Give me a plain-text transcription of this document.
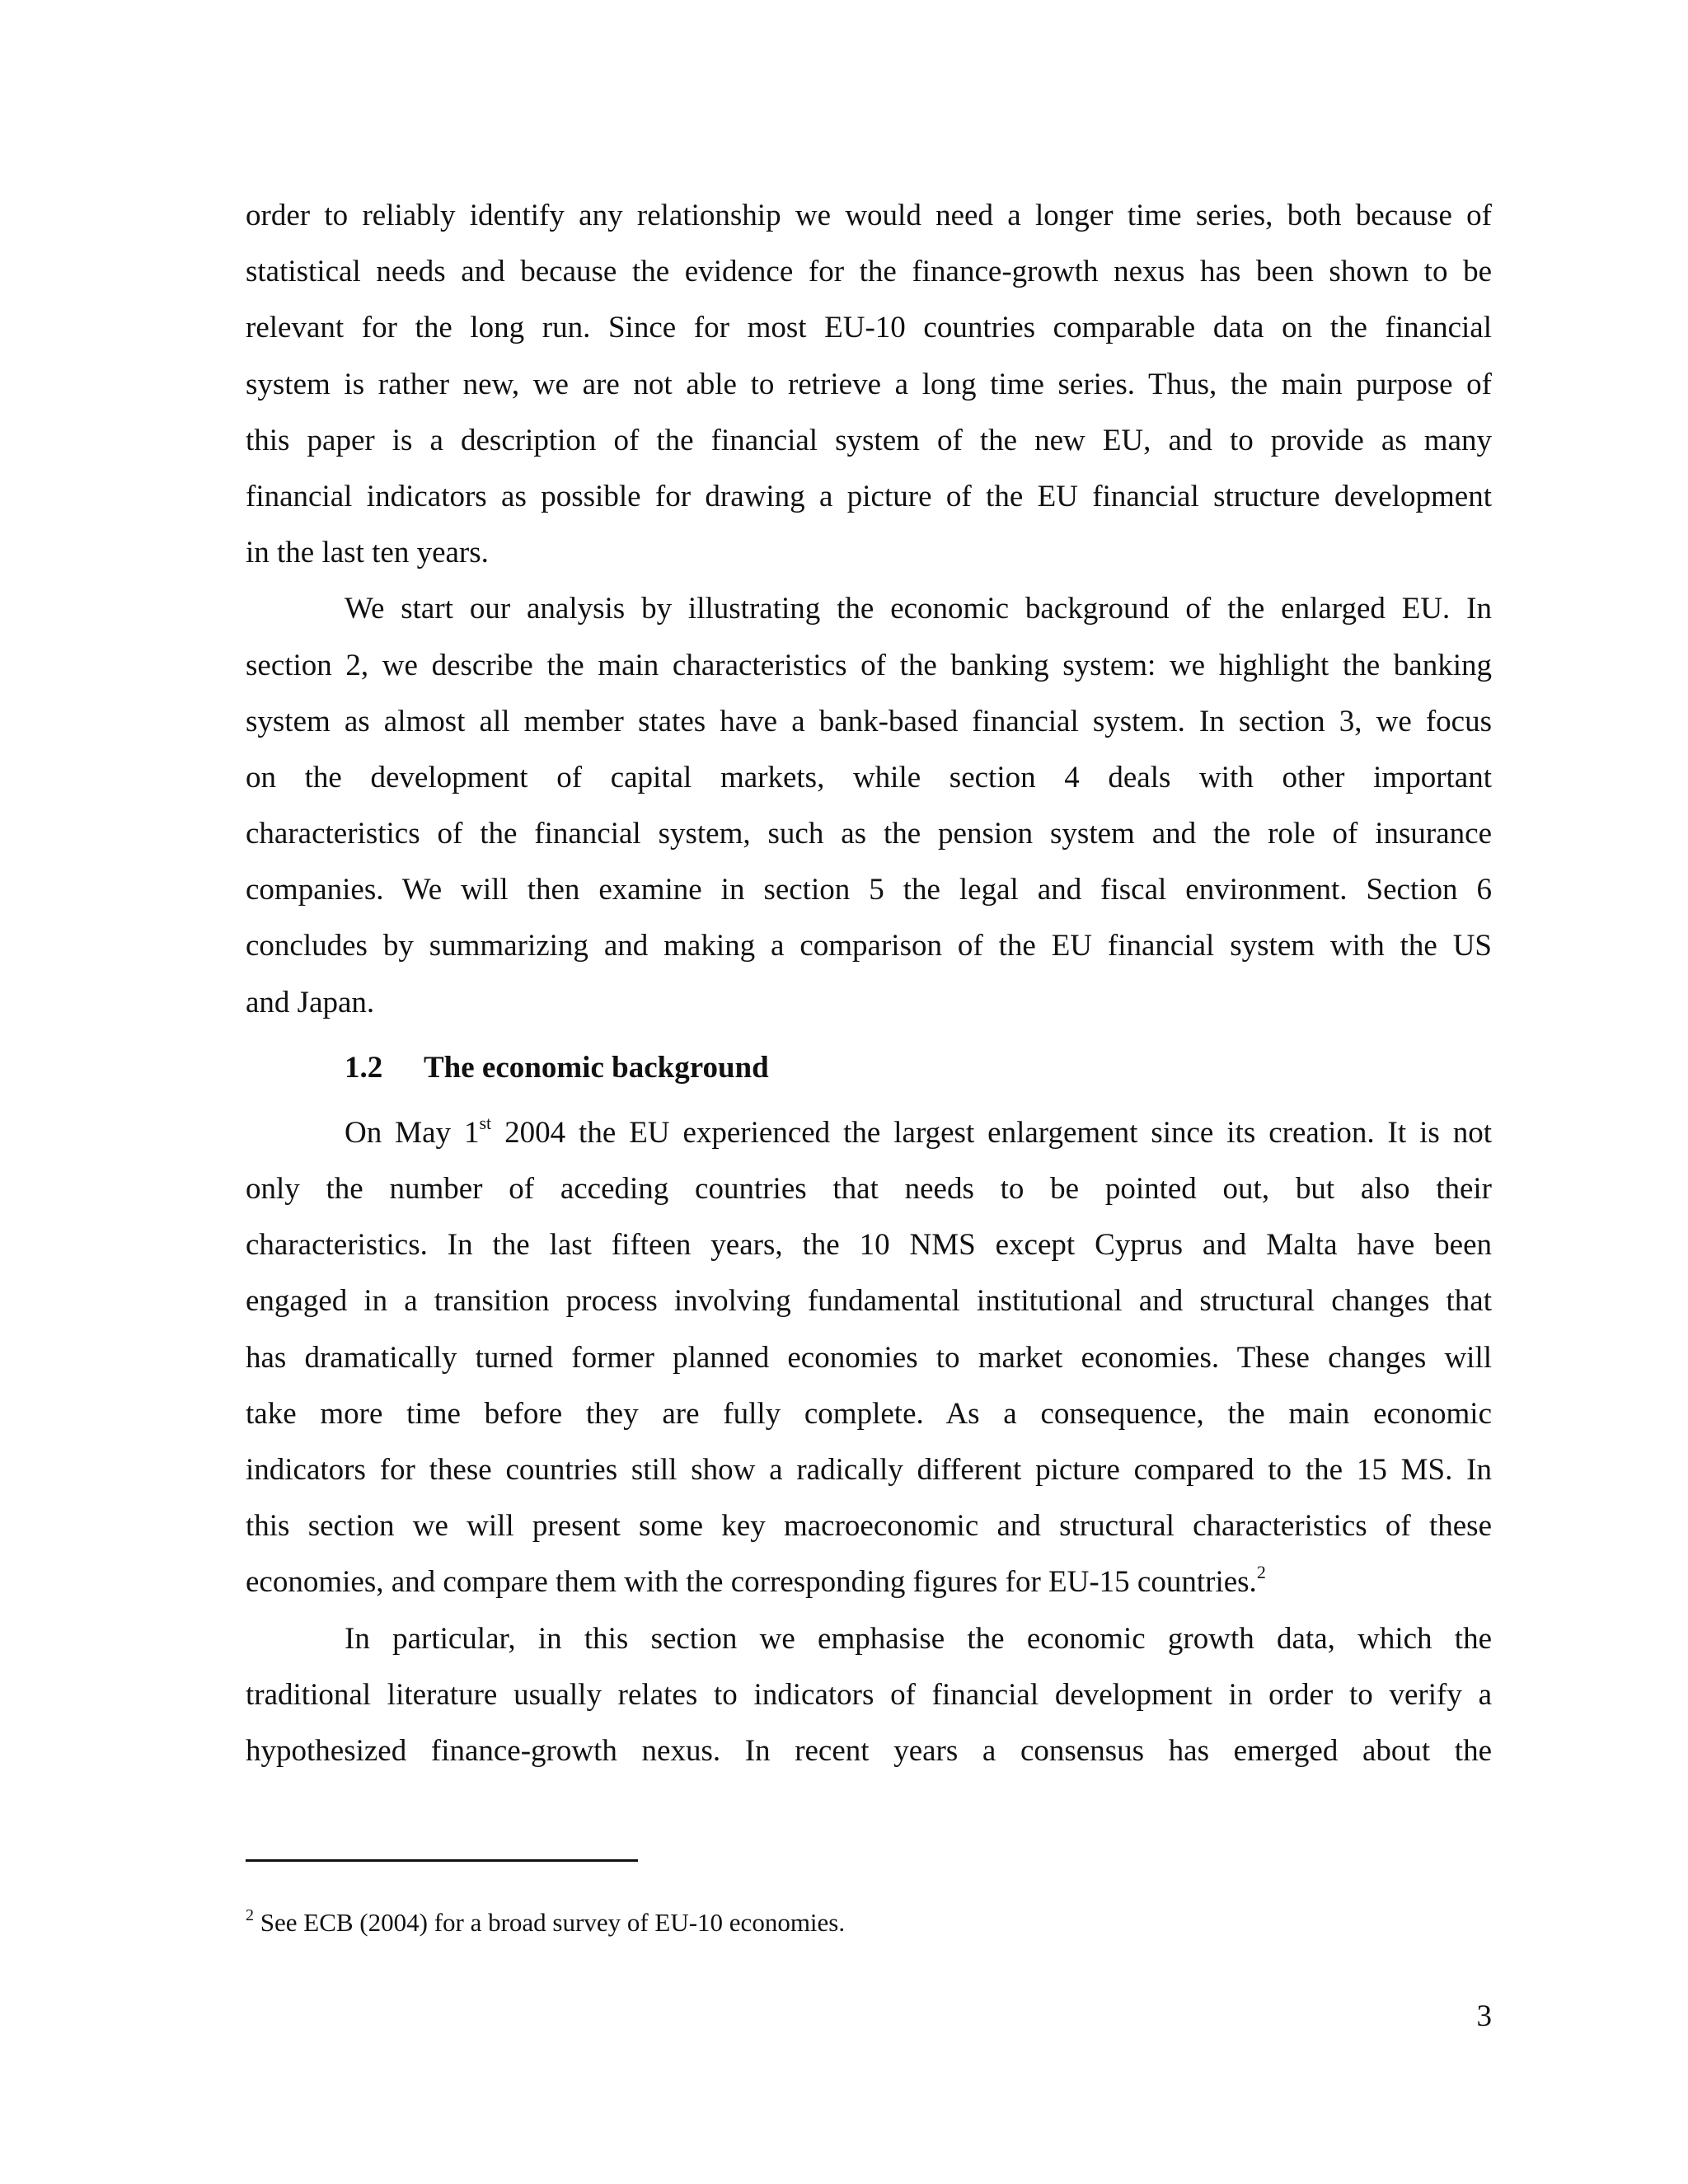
order to reliably identify any relationship we would need a longer time series, both because of
statistical needs and because the evidence for the finance-growth nexus has been shown to be
relevant for the long run. Since for most EU-10 countries comparable data on the financial
system is rather new, we are not able to retrieve a long time series. Thus, the main purpose of
this paper is a description of the financial system of the new EU, and to provide as many
financial indicators as possible for drawing a picture of the EU financial structure development
in the last ten years.
We start our analysis by illustrating the economic background of the enlarged EU. In
section 2, we describe the main characteristics of the banking system: we highlight the banking
system as almost all member states have a bank-based financial system. In section 3, we focus
on the development of capital markets, while section 4 deals with other important
characteristics of the financial system, such as the pension system and the role of insurance
companies. We will then examine in section 5 the legal and fiscal environment. Section 6
concludes by summarizing and making a comparison of the EU financial system with the US
and Japan.
1.2 The economic background
On May 1st 2004 the EU experienced the largest enlargement since its creation. It is not
only the number of acceding countries that needs to be pointed out, but also their
characteristics. In the last fifteen years, the 10 NMS except Cyprus and Malta have been
engaged in a transition process involving fundamental institutional and structural changes that
has dramatically turned former planned economies to market economies. These changes will
take more time before they are fully complete. As a consequence, the main economic
indicators for these countries still show a radically different picture compared to the 15 MS. In
this section we will present some key macroeconomic and structural characteristics of these
economies, and compare them with the corresponding figures for EU-15 countries.$^2$
In particular, in this section we emphasise the economic growth data, which the
traditional literature usually relates to indicators of financial development in order to verify a
hypothesized finance-growth nexus. In recent years a consensus has emerged about the
$^2$ See ECB (2004) for a broad survey of EU-10 economies.
3
